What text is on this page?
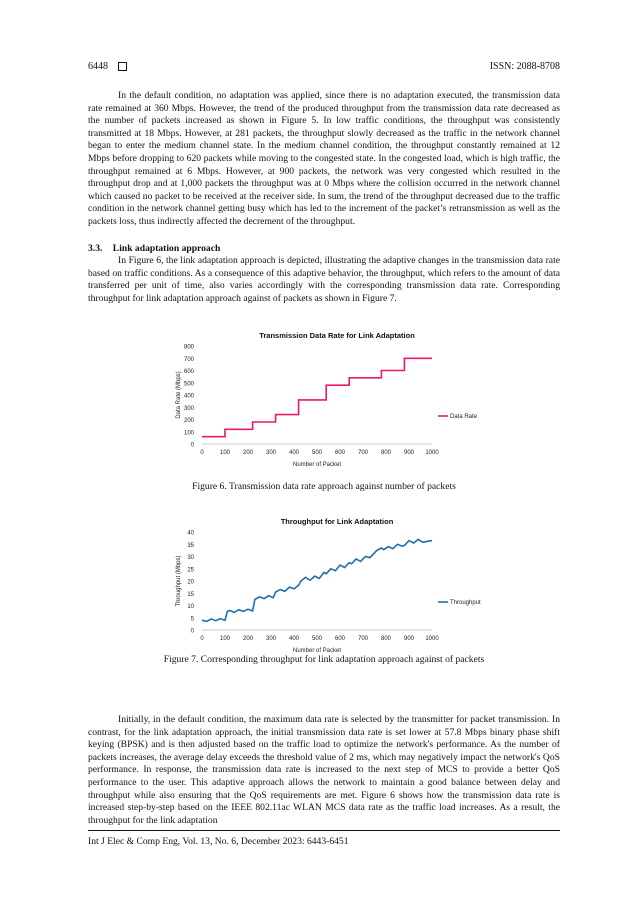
6448	ISSN: 2088-8708

In the default condition, no adaptation was applied, since there is no adaptation executed, the transmission data rate remained at 360 Mbps. However, the trend of the produced throughput from the transmission data rate decreased as the number of packets increased as shown in Figure 5. In low traffic conditions, the throughput was consistently transmitted at 18 Mbps. However, at 281 packets, the throughput slowly decreased as the traffic in the network channel began to enter the medium channel state. In the medium channel condition, the throughput constantly remained at 12 Mbps before dropping to 620 packets while moving to the congested state. In the congested load, which is high traffic, the throughput remained at 6 Mbps. However, at 900 packets, the network was very congested which resulted in the throughput drop and at 1,000 packets the throughput was at 0 Mbps where the collision occurred in the network channel which caused no packet to be received at the receiver side. In sum, the trend of the throughput decreased due to the traffic condition in the network channel getting busy which has led to the increment of the packet’s retransmission as well as the packets loss, thus indirectly affected the decrement of the throughput.

3.3. Link adaptation approach

In Figure 6, the link adaptation approach is depicted, illustrating the adaptive changes in the transmission data rate based on traffic conditions. As a consequence of this adaptive behavior, the throughput, which refers to the amount of data transferred per unit of time, also varies accordingly with the corresponding transmission data rate. Corresponding throughput for link adaptation approach against of packets as shown in Figure 7.

Transmission Data Rate for Link Adaptation
0
100
200
300
400
500
600
700
800
0	100 200 300 400 500 600 700 800 900 1000
Number of Packet
Data Rate (Mbps)	Data Rate
Figure 6. Transmission data rate approach against number of packets
Throughput for Link Adaptation
0
5
10
15
20
25
30
35
40
0	100 200 300 400 500 600 700 800 900 1000
Number of Packet
Throughput (Mbps)	Throughput
Figure 7. Corresponding throughput for link adaptation approach against of packets

Initially, in the default condition, the maximum data rate is selected by the transmitter for packet transmission. In contrast, for the link adaptation approach, the initial transmission data rate is set lower at 57.8 Mbps binary phase shift keying (BPSK) and is then adjusted based on the traffic load to optimize the network's performance. As the number of packets increases, the average delay exceeds the threshold value of 2 ms, which may negatively impact the network's QoS performance. In response, the transmission data rate is increased to the next step of MCS to provide a better QoS performance to the user. This adaptive approach allows the network to maintain a good balance between delay and throughput while also ensuring that the QoS requirements are met. Figure 6 shows how the transmission data rate is increased step-by-step based on the IEEE 802.11ac WLAN MCS data rate as the traffic load increases. As a result, the throughput for the link adaptation

Int J Elec & Comp Eng, Vol. 13, No. 6, December 2023: 6443-6451
